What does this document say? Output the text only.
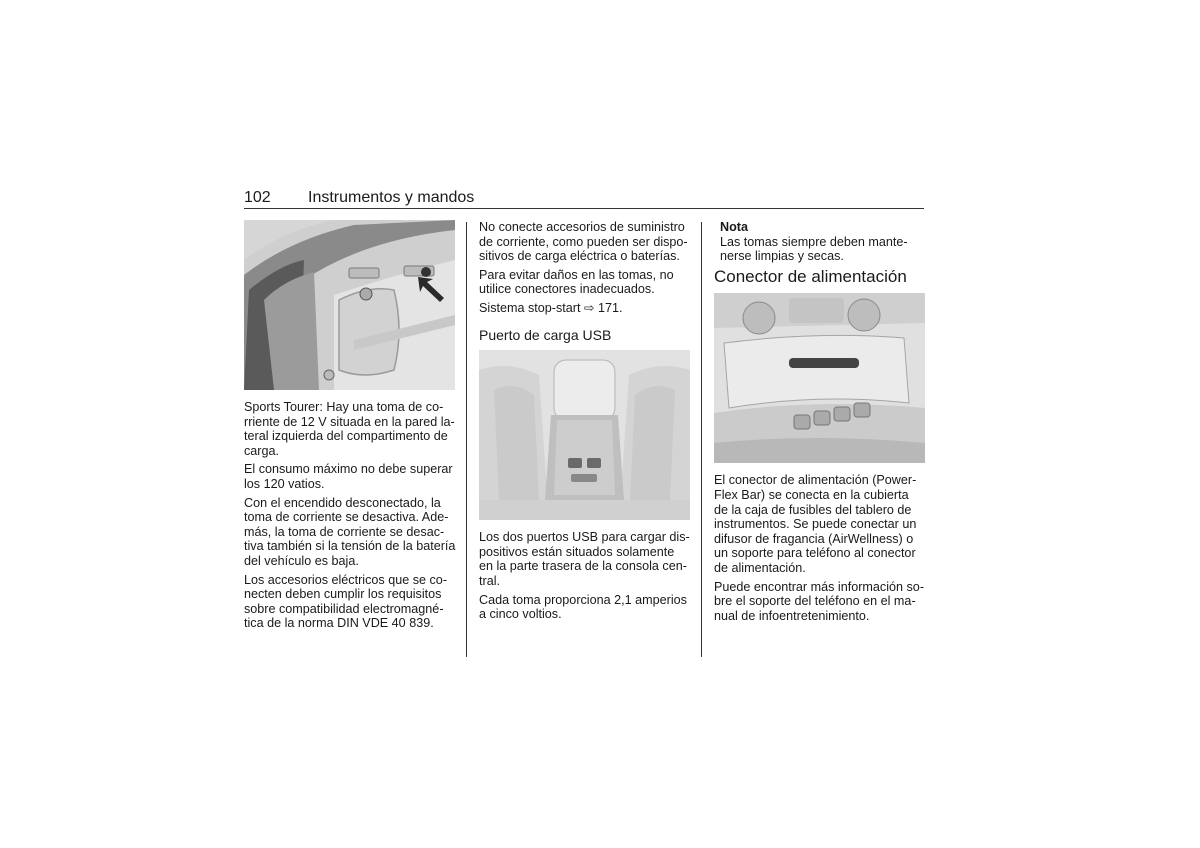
102 Instrumentos y mandos

Sports Tourer: Hay una toma de corriente de 12 V situada en la pared lateral izquierda del compartimento de carga.

El consumo máximo no debe superar los 120 vatios.

Con el encendido desconectado, la toma de corriente se desactiva. Además, la toma de corriente se desactiva también si la tensión de la batería del vehículo es baja.

Los accesorios eléctricos que se conecten deben cumplir los requisitos sobre compatibilidad electromagnética de la norma DIN VDE 40 839.

No conecte accesorios de suministro de corriente, como pueden ser dispositivos de carga eléctrica o baterías.

Para evitar daños en las tomas, no utilice conectores inadecuados.

Sistema stop-start ⇨ 171.

Puerto de carga USB

Los dos puertos USB para cargar dispositivos están situados solamente en la parte trasera de la consola central.

Cada toma proporciona 2,1 amperios a cinco voltios.

Nota

Las tomas siempre deben mantenerse limpias y secas.

Conector de alimentación

El conector de alimentación (PowerFlex Bar) se conecta en la cubierta de la caja de fusibles del tablero de instrumentos. Se puede conectar un difusor de fragancia (AirWellness) o un soporte para teléfono al conector de alimentación.

Puede encontrar más información sobre el soporte del teléfono en el manual de infoentretenimiento.
